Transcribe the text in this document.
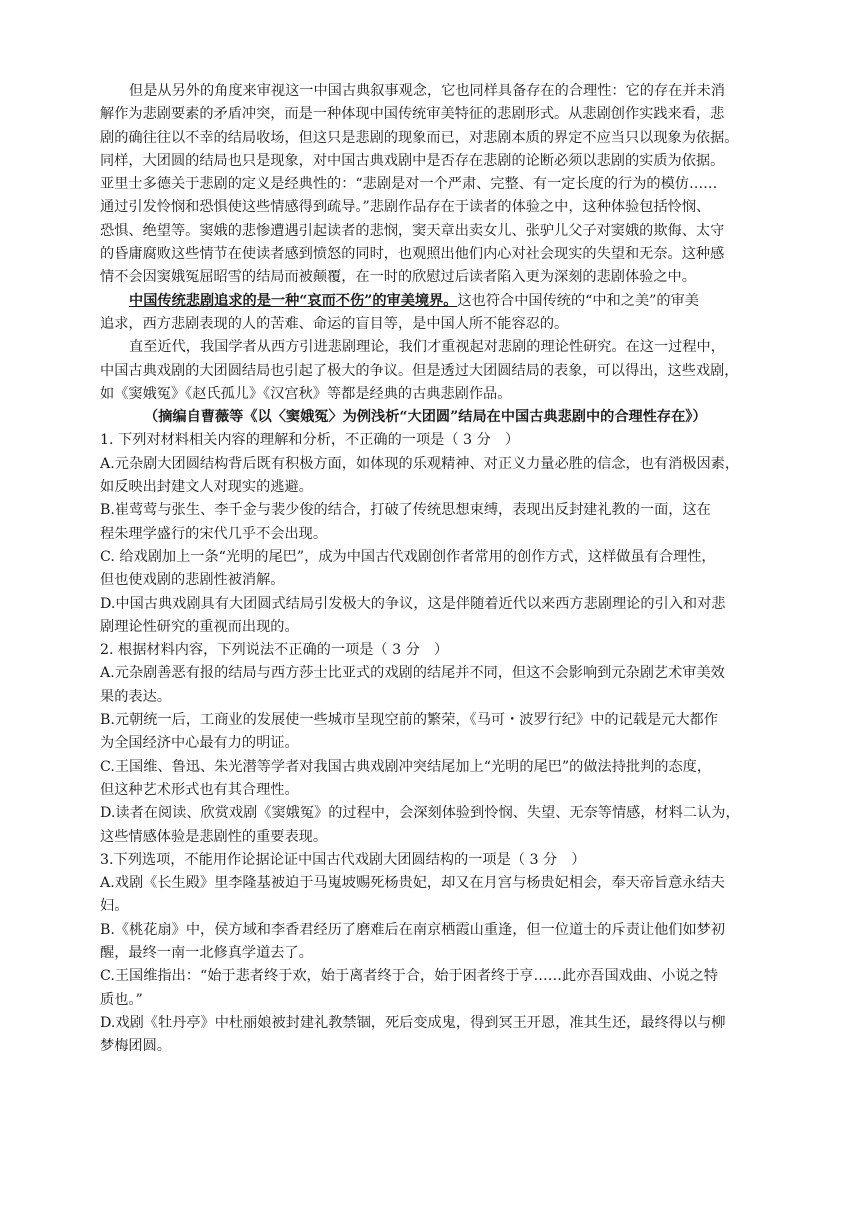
但是从另外的角度来审视这一中国古典叙事观念，它也同样具备存在的合理性：它的存在并未消
解作为悲剧要素的矛盾冲突，而是一种体现中国传统审美特征的悲剧形式。从悲剧创作实践来看，悲
剧的确往往以不幸的结局收场，但这只是悲剧的现象而已，对悲剧本质的界定不应当只以现象为依据。
同样，大团圆的结局也只是现象，对中国古典戏剧中是否存在悲剧的论断必须以悲剧的实质为依据。
亚里士多德关于悲剧的定义是经典性的：“悲剧是对一个严肃、完整、有一定长度的行为的模仿……
通过引发怜悯和恐惧使这些情感得到疏导。”悲剧作品存在于读者的体验之中，这种体验包括怜悯、
恐惧、绝望等。窦娥的悲惨遭遇引起读者的悲悯，窦天章出卖女儿、张驴儿父子对窦娥的欺侮、太守
的昏庸腐败这些情节在使读者感到愤怒的同时，也观照出他们内心对社会现实的失望和无奈。这种感
情不会因窦娥冤屈昭雪的结局而被颠覆，在一时的欣慰过后读者陷入更为深刻的悲剧体验之中。
中国传统悲剧追求的是一种“哀而不伤”的审美境界。这也符合中国传统的“中和之美”的审美
追求，西方悲剧表现的人的苦难、命运的盲目等，是中国人所不能容忍的。
直至近代，我国学者从西方引进悲剧理论，我们才重视起对悲剧的理论性研究。在这一过程中，
中国古典戏剧的大团圆结局也引起了极大的争议。但是透过大团圆结局的表象，可以得出，这些戏剧，
如《窦娥冤》《赵氏孤儿》《汉宫秋》等都是经典的古典悲剧作品。
（摘编自曹薇等《以〈窦娥冤〉为例浅析“大团圆”结局在中国古典悲剧中的合理性存在》）
1. 下列对材料相关内容的理解和分析，不正确的一项是（ 3 分　）
A.元杂剧大团圆结构背后既有积极方面，如体现的乐观精神、对正义力量必胜的信念，也有消极因素，
如反映出封建文人对现实的逃避。
B.崔莺莺与张生、李千金与裴少俊的结合，打破了传统思想束缚，表现出反封建礼教的一面，这在
程朱理学盛行的宋代几乎不会出现。
C. 给戏剧加上一条“光明的尾巴”，成为中国古代戏剧创作者常用的创作方式，这样做虽有合理性，
但也使戏剧的悲剧性被消解。
D.中国古典戏剧具有大团圆式结局引发极大的争议，这是伴随着近代以来西方悲剧理论的引入和对悲
剧理论性研究的重视而出现的。
2. 根据材料内容，下列说法不正确的一项是（ 3 分　）
A.元杂剧善恶有报的结局与西方莎士比亚式的戏剧的结尾并不同，但这不会影响到元杂剧艺术审美效
果的表达。
B.元朝统一后，工商业的发展使一些城市呈现空前的繁荣，《马可・波罗行纪》中的记载是元大都作
为全国经济中心最有力的明证。
C.王国维、鲁迅、朱光潜等学者对我国古典戏剧冲突结尾加上“光明的尾巴”的做法持批判的态度，
但这种艺术形式也有其合理性。
D.读者在阅读、欣赏戏剧《窦娥冤》的过程中，会深刻体验到怜悯、失望、无奈等情感，材料二认为，
这些情感体验是悲剧性的重要表现。
3.下列选项，不能用作论据论证中国古代戏剧大团圆结构的一项是（ 3 分　）
A.戏剧《长生殿》里李隆基被迫于马嵬坡赐死杨贵妃，却又在月宫与杨贵妃相会，奉天帝旨意永结夫
妇。
B.《桃花扇》中，侯方域和李香君经历了磨难后在南京栖霞山重逢，但一位道士的斥责让他们如梦初
醒，最终一南一北修真学道去了。
C.王国维指出：“始于悲者终于欢，始于离者终于合，始于困者终于亨……此亦吾国戏曲、小说之特
质也。”
D.戏剧《牡丹亭》中杜丽娘被封建礼教禁锢，死后变成鬼，得到冥王开恩，准其生还，最终得以与柳
梦梅团圆。
